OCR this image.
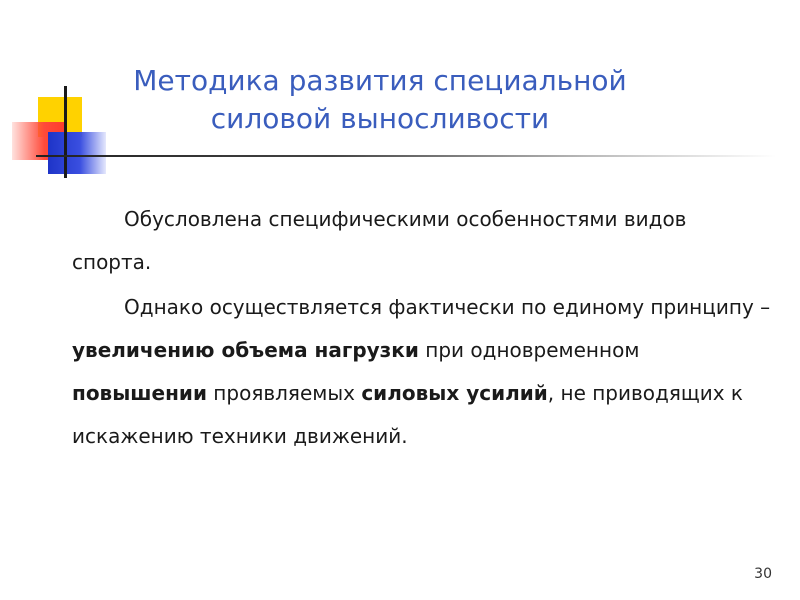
Методика развития специальной
силовой выносливости

Обусловлена специфическими особенностями видов спорта.

Однако осуществляется фактически по единому принципу – увеличению объема нагрузки при одновременном повышении проявляемых силовых усилий, не приводящих к искажению техники движений.

30
